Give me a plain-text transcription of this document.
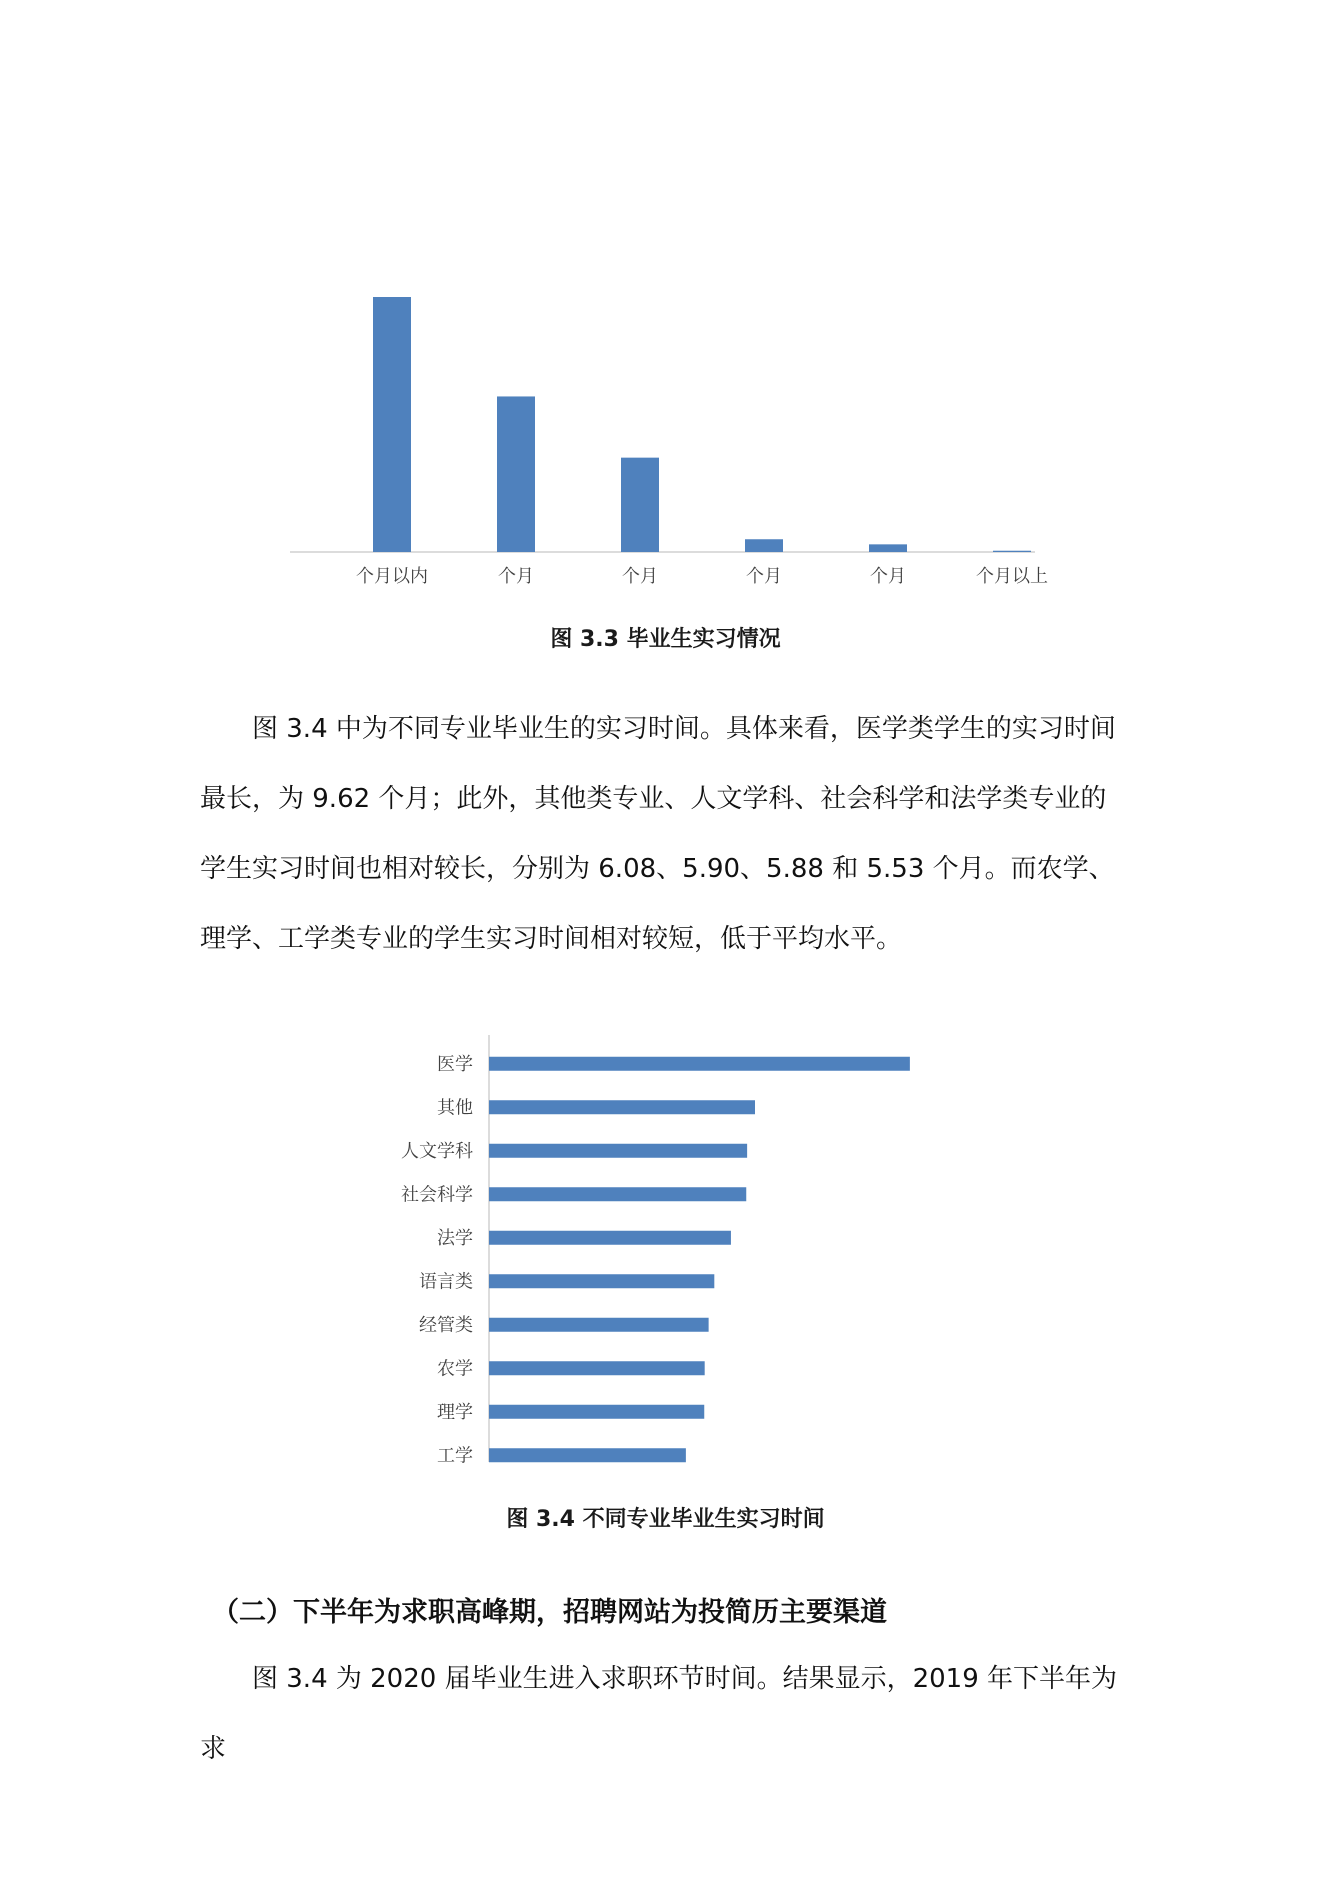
个月以内	个月	个月	个月	个月	个月以上
图 3.3 毕业生实习情况

图 3.4 中为不同专业毕业生的实习时间。具体来看，医学类学生的实习时间最长，为 9.62 个月；此外，其他类专业、人文学科、社会科学和法学类专业的学生实习时间也相对较长，分别为 6.08、5.90、5.88 和 5.53 个月。而农学、理学、工学类专业的学生实习时间相对较短，低于平均水平。

医学
其他
人文学科
社会科学
法学
语言类
经管类
农学
理学
工学
图 3.4 不同专业毕业生实习时间
（二）下半年为求职高峰期，招聘网站为投简历主要渠道

图 3.4 为 2020 届毕业生进入求职环节时间。结果显示，2019 年下半年为求
